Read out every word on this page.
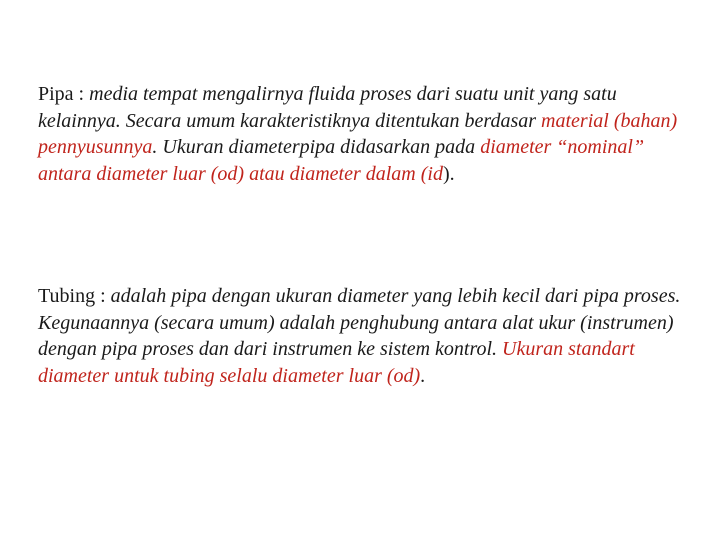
Pipa : media tempat mengalirnya fluida proses dari suatu unit yang satu kelainnya. Secara umum karakteristiknya ditentukan berdasar material (bahan) pennyusunnya. Ukuran diameterpipa didasarkan pada diameter “nominal” antara diameter luar (od) atau diameter dalam (id).

Tubing : adalah pipa dengan ukuran diameter yang lebih kecil dari pipa proses. Kegunaannya (secara umum) adalah penghubung antara alat ukur (instrumen) dengan pipa proses dan dari instrumen ke sistem kontrol. Ukuran standart diameter untuk tubing selalu diameter luar (od).
